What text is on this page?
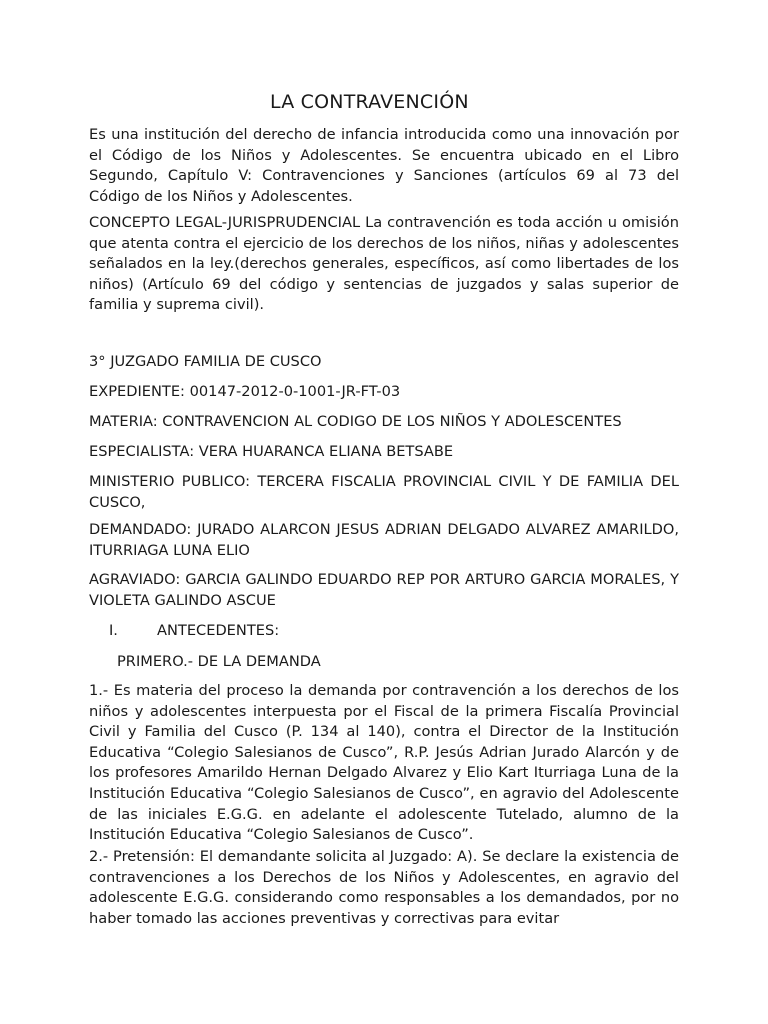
LA CONTRAVENCIÓN
Es una institución del derecho de infancia introducida como una innovación por el Código de los Niños y Adolescentes. Se encuentra ubicado en el Libro Segundo, Capítulo V: Contravenciones y Sanciones (artículos 69 al 73 del Código de los Niños y Adolescentes.
CONCEPTO LEGAL-JURISPRUDENCIAL La contravención es toda acción u omisión que atenta contra el ejercicio de los derechos de los niños, niñas y adolescentes señalados en la ley.(derechos generales, específicos, así como libertades de los niños) (Artículo 69 del código y sentencias de juzgados y salas superior de familia y suprema civil).
3° JUZGADO FAMILIA DE CUSCO
EXPEDIENTE: 00147-2012-0-1001-JR-FT-03
MATERIA: CONTRAVENCION AL CODIGO DE LOS NIÑOS Y ADOLESCENTES
ESPECIALISTA: VERA HUARANCA ELIANA BETSABE
MINISTERIO PUBLICO: TERCERA FISCALIA PROVINCIAL CIVIL Y DE FAMILIA DEL CUSCO,
DEMANDADO: JURADO ALARCON JESUS ADRIAN DELGADO ALVAREZ AMARILDO, ITURRIAGA LUNA ELIO
AGRAVIADO: GARCIA GALINDO EDUARDO REP POR ARTURO GARCIA MORALES, Y VIOLETA GALINDO ASCUE
I.	ANTECEDENTES:
PRIMERO.- DE LA DEMANDA
1.- Es materia del proceso la demanda por contravención a los derechos de los niños y adolescentes interpuesta por el Fiscal de la primera Fiscalía Provincial Civil y Familia del Cusco (P. 134 al 140), contra el Director de la Institución Educativa “Colegio Salesianos de Cusco”, R.P. Jesús Adrian Jurado Alarcón y de los profesores Amarildo Hernan Delgado Alvarez y Elio Kart Iturriaga Luna de la Institución Educativa “Colegio Salesianos de Cusco”, en agravio del Adolescente de las iniciales E.G.G. en adelante el adolescente Tutelado, alumno de la Institución Educativa “Colegio Salesianos de Cusco”.
2.- Pretensión: El demandante solicita al Juzgado: A). Se declare la existencia de contravenciones a los Derechos de los Niños y Adolescentes, en agravio del adolescente E.G.G. considerando como responsables a los demandados, por no haber tomado las acciones preventivas y correctivas para evitar
